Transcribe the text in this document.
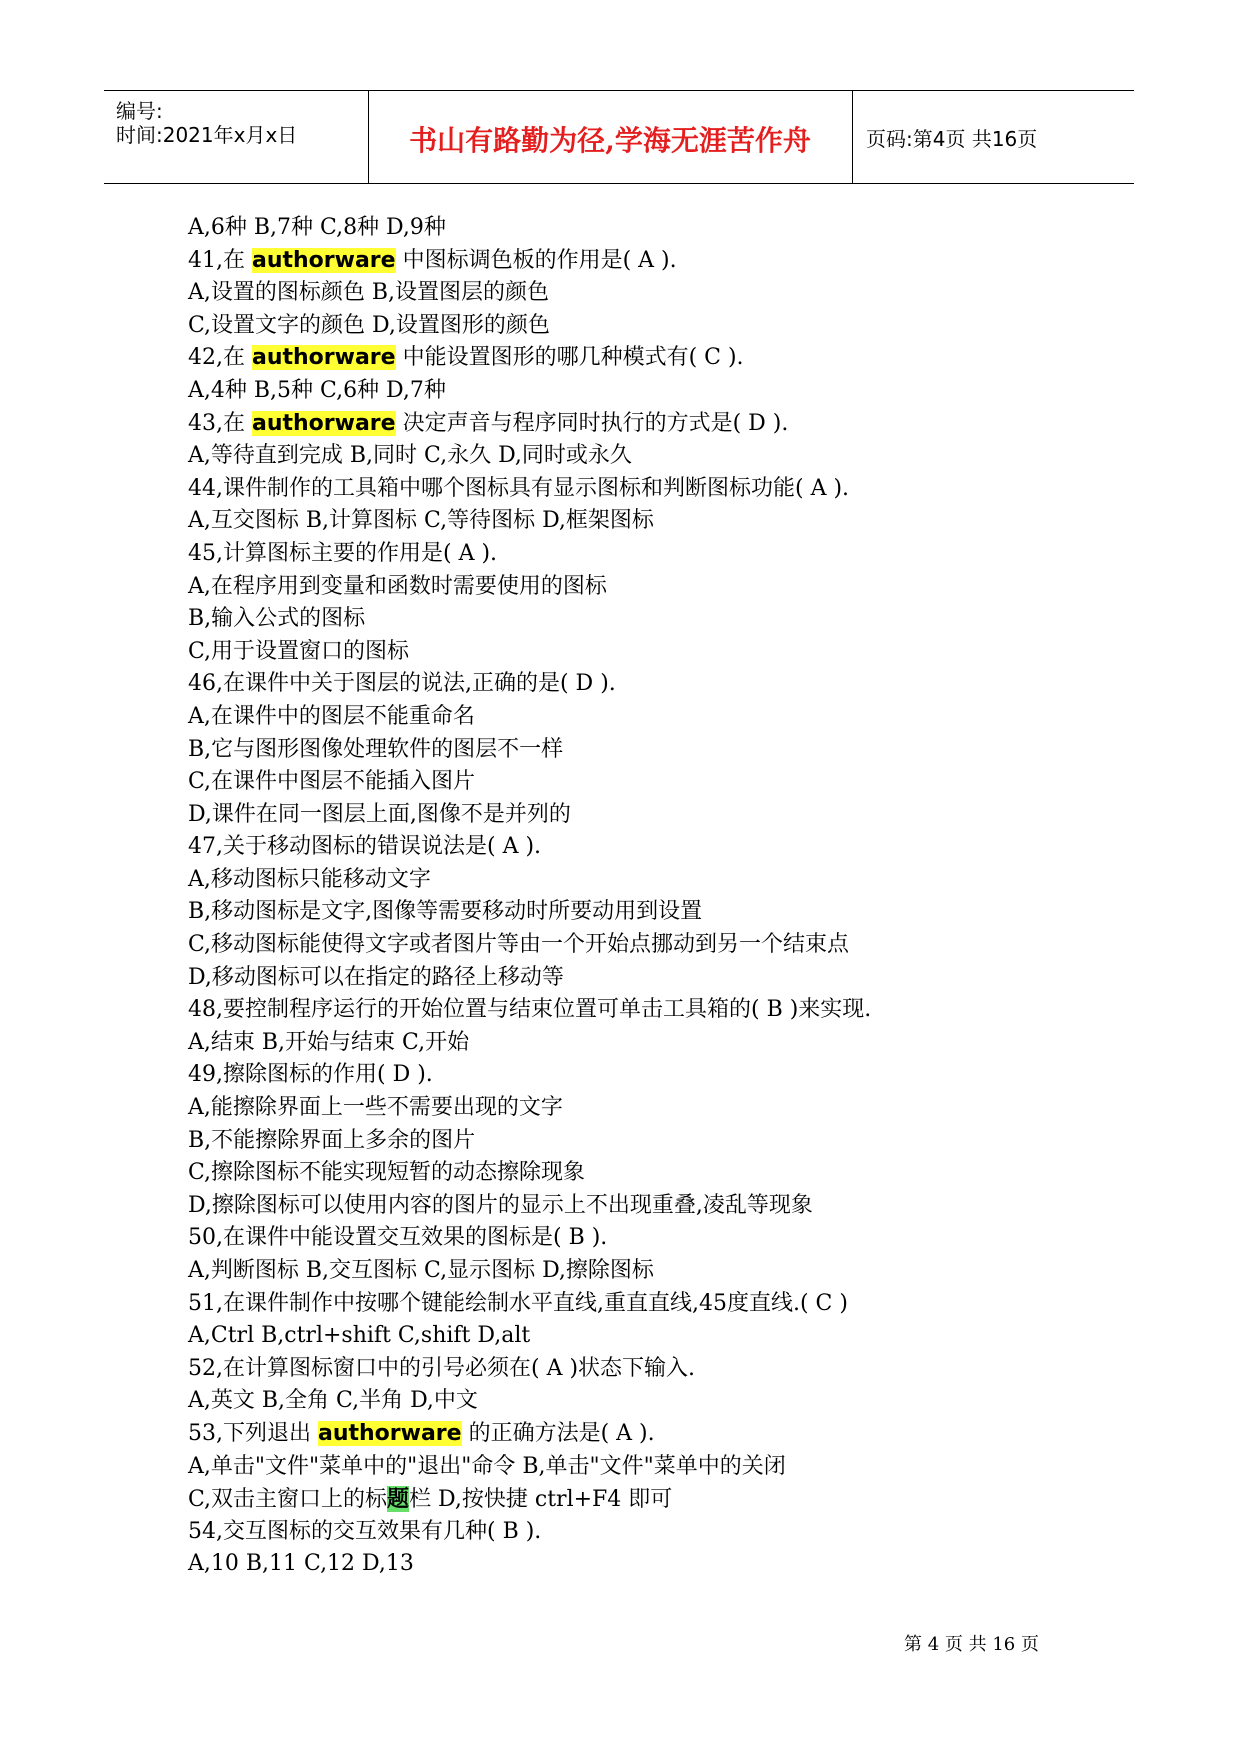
编号:
时间:2021年x月x日	书山有路勤为径,学海无涯苦作舟	页码:第4页 共16页
A,6种 B,7种 C,8种 D,9种
41,在 authorware 中图标调色板的作用是( A ).
A,设置的图标颜色 B,设置图层的颜色
C,设置文字的颜色 D,设置图形的颜色
42,在 authorware 中能设置图形的哪几种模式有( C ).
A,4种 B,5种 C,6种 D,7种
43,在 authorware 决定声音与程序同时执行的方式是( D ).
A,等待直到完成 B,同时 C,永久 D,同时或永久
44,课件制作的工具箱中哪个图标具有显示图标和判断图标功能( A ).
A,互交图标 B,计算图标 C,等待图标 D,框架图标
45,计算图标主要的作用是( A ).
A,在程序用到变量和函数时需要使用的图标
B,输入公式的图标
C,用于设置窗口的图标
46,在课件中关于图层的说法,正确的是( D ).
A,在课件中的图层不能重命名
B,它与图形图像处理软件的图层不一样
C,在课件中图层不能插入图片
D,课件在同一图层上面,图像不是并列的
47,关于移动图标的错误说法是( A ).
A,移动图标只能移动文字
B,移动图标是文字,图像等需要移动时所要动用到设置
C,移动图标能使得文字或者图片等由一个开始点挪动到另一个结束点
D,移动图标可以在指定的路径上移动等
48,要控制程序运行的开始位置与结束位置可单击工具箱的( B )来实现.
A,结束 B,开始与结束 C,开始
49,擦除图标的作用( D ).
A,能擦除界面上一些不需要出现的文字
B,不能擦除界面上多余的图片
C,擦除图标不能实现短暂的动态擦除现象
D,擦除图标可以使用内容的图片的显示上不出现重叠,凌乱等现象
50,在课件中能设置交互效果的图标是( B ).
A,判断图标 B,交互图标 C,显示图标 D,擦除图标
51,在课件制作中按哪个键能绘制水平直线,重直直线,45度直线.( C )
A,Ctrl B,ctrl+shift C,shift D,alt
52,在计算图标窗口中的引号必须在( A )状态下输入.
A,英文 B,全角 C,半角 D,中文
53,下列退出 authorware 的正确方法是( A ).
A,单击"文件"菜单中的"退出"命令 B,单击"文件"菜单中的关闭
C,双击主窗口上的标题栏 D,按快捷 ctrl+F4 即可
54,交互图标的交互效果有几种( B ).
A,10 B,11 C,12 D,13
第 4 页 共 16 页
